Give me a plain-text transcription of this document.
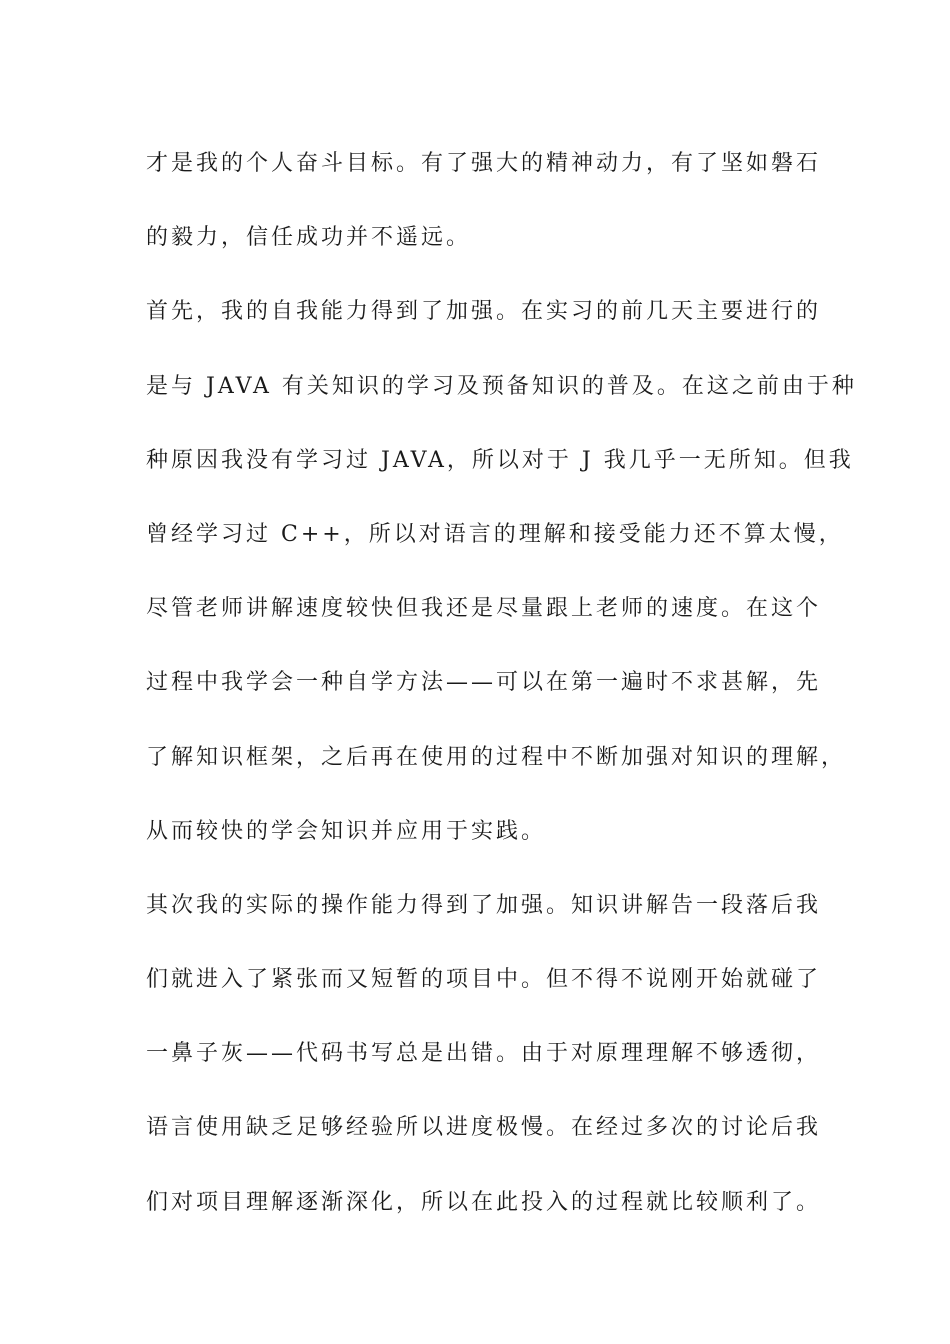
才是我的个人奋斗目标。有了强大的精神动力，有了坚如磐石
的毅力，信任成功并不遥远。
首先，我的自我能力得到了加强。在实习的前几天主要进行的
是与 JAVA 有关知识的学习及预备知识的普及。在这之前由于种
种原因我没有学习过 JAVA，所以对于 J 我几乎一无所知。但我
曾经学习过 C++，所以对语言的理解和接受能力还不算太慢，
尽管老师讲解速度较快但我还是尽量跟上老师的速度。在这个
过程中我学会一种自学方法——可以在第一遍时不求甚解，先
了解知识框架，之后再在使用的过程中不断加强对知识的理解，
从而较快的学会知识并应用于实践。
其次我的实际的操作能力得到了加强。知识讲解告一段落后我
们就进入了紧张而又短暂的项目中。但不得不说刚开始就碰了
一鼻子灰——代码书写总是出错。由于对原理理解不够透彻，
语言使用缺乏足够经验所以进度极慢。在经过多次的讨论后我
们对项目理解逐渐深化，所以在此投入的过程就比较顺利了。
